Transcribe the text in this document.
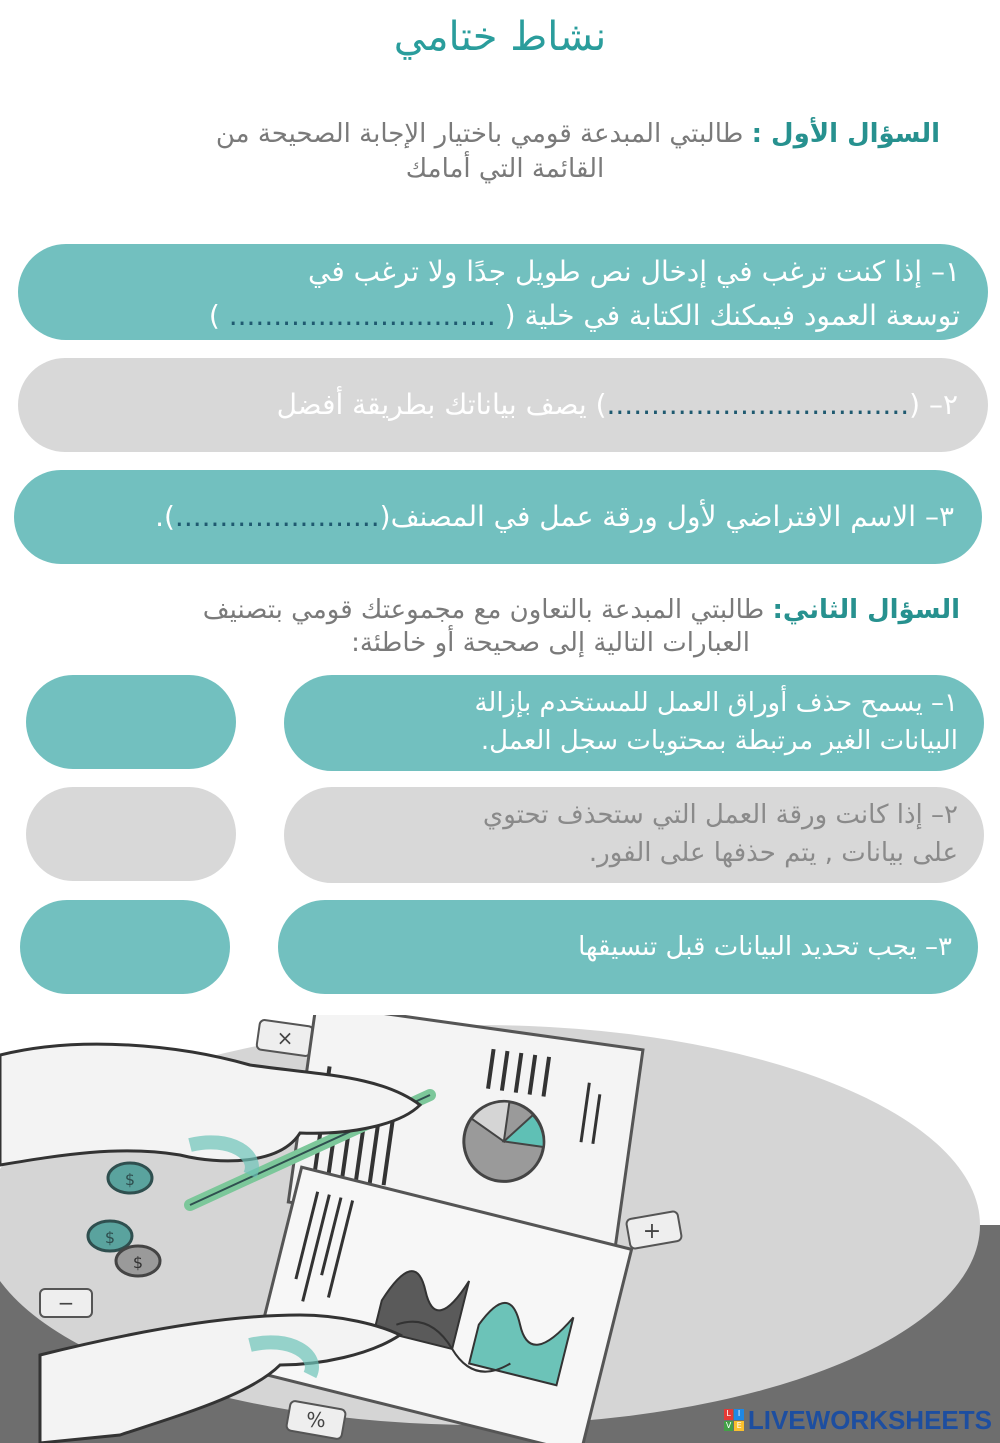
نشاط ختامي
السؤال الأول : طالبتي المبدعة قومي باختيار الإجابة الصحيحة من
القائمة التي أمامك
١– إذا كنت ترغب في إدخال نص طويل جدًا ولا ترغب في
توسعة العمود فيمكنك الكتابة في خلية ( .............................. )
٢– (..................................) يصف بياناتك بطريقة أفضل
٣– الاسم الافتراضي لأول ورقة عمل في المصنف(.......................).
السؤال الثاني: طالبتي المبدعة بالتعاون مع مجموعتك قومي بتصنيف
العبارات التالية إلى صحيحة أو خاطئة:
١– يسمح حذف أوراق العمل للمستخدم بإزالة
البيانات الغير مرتبطة بمحتويات سجل العمل.
٢– إذا كانت ورقة العمل التي ستحذف تحتوي
على بيانات , يتم حذفها على الفور.
٣– يجب تحديد البيانات قبل تنسيقها
×
+
−
%
$
$
$
L I
V E LIVEWORKSHEETS
